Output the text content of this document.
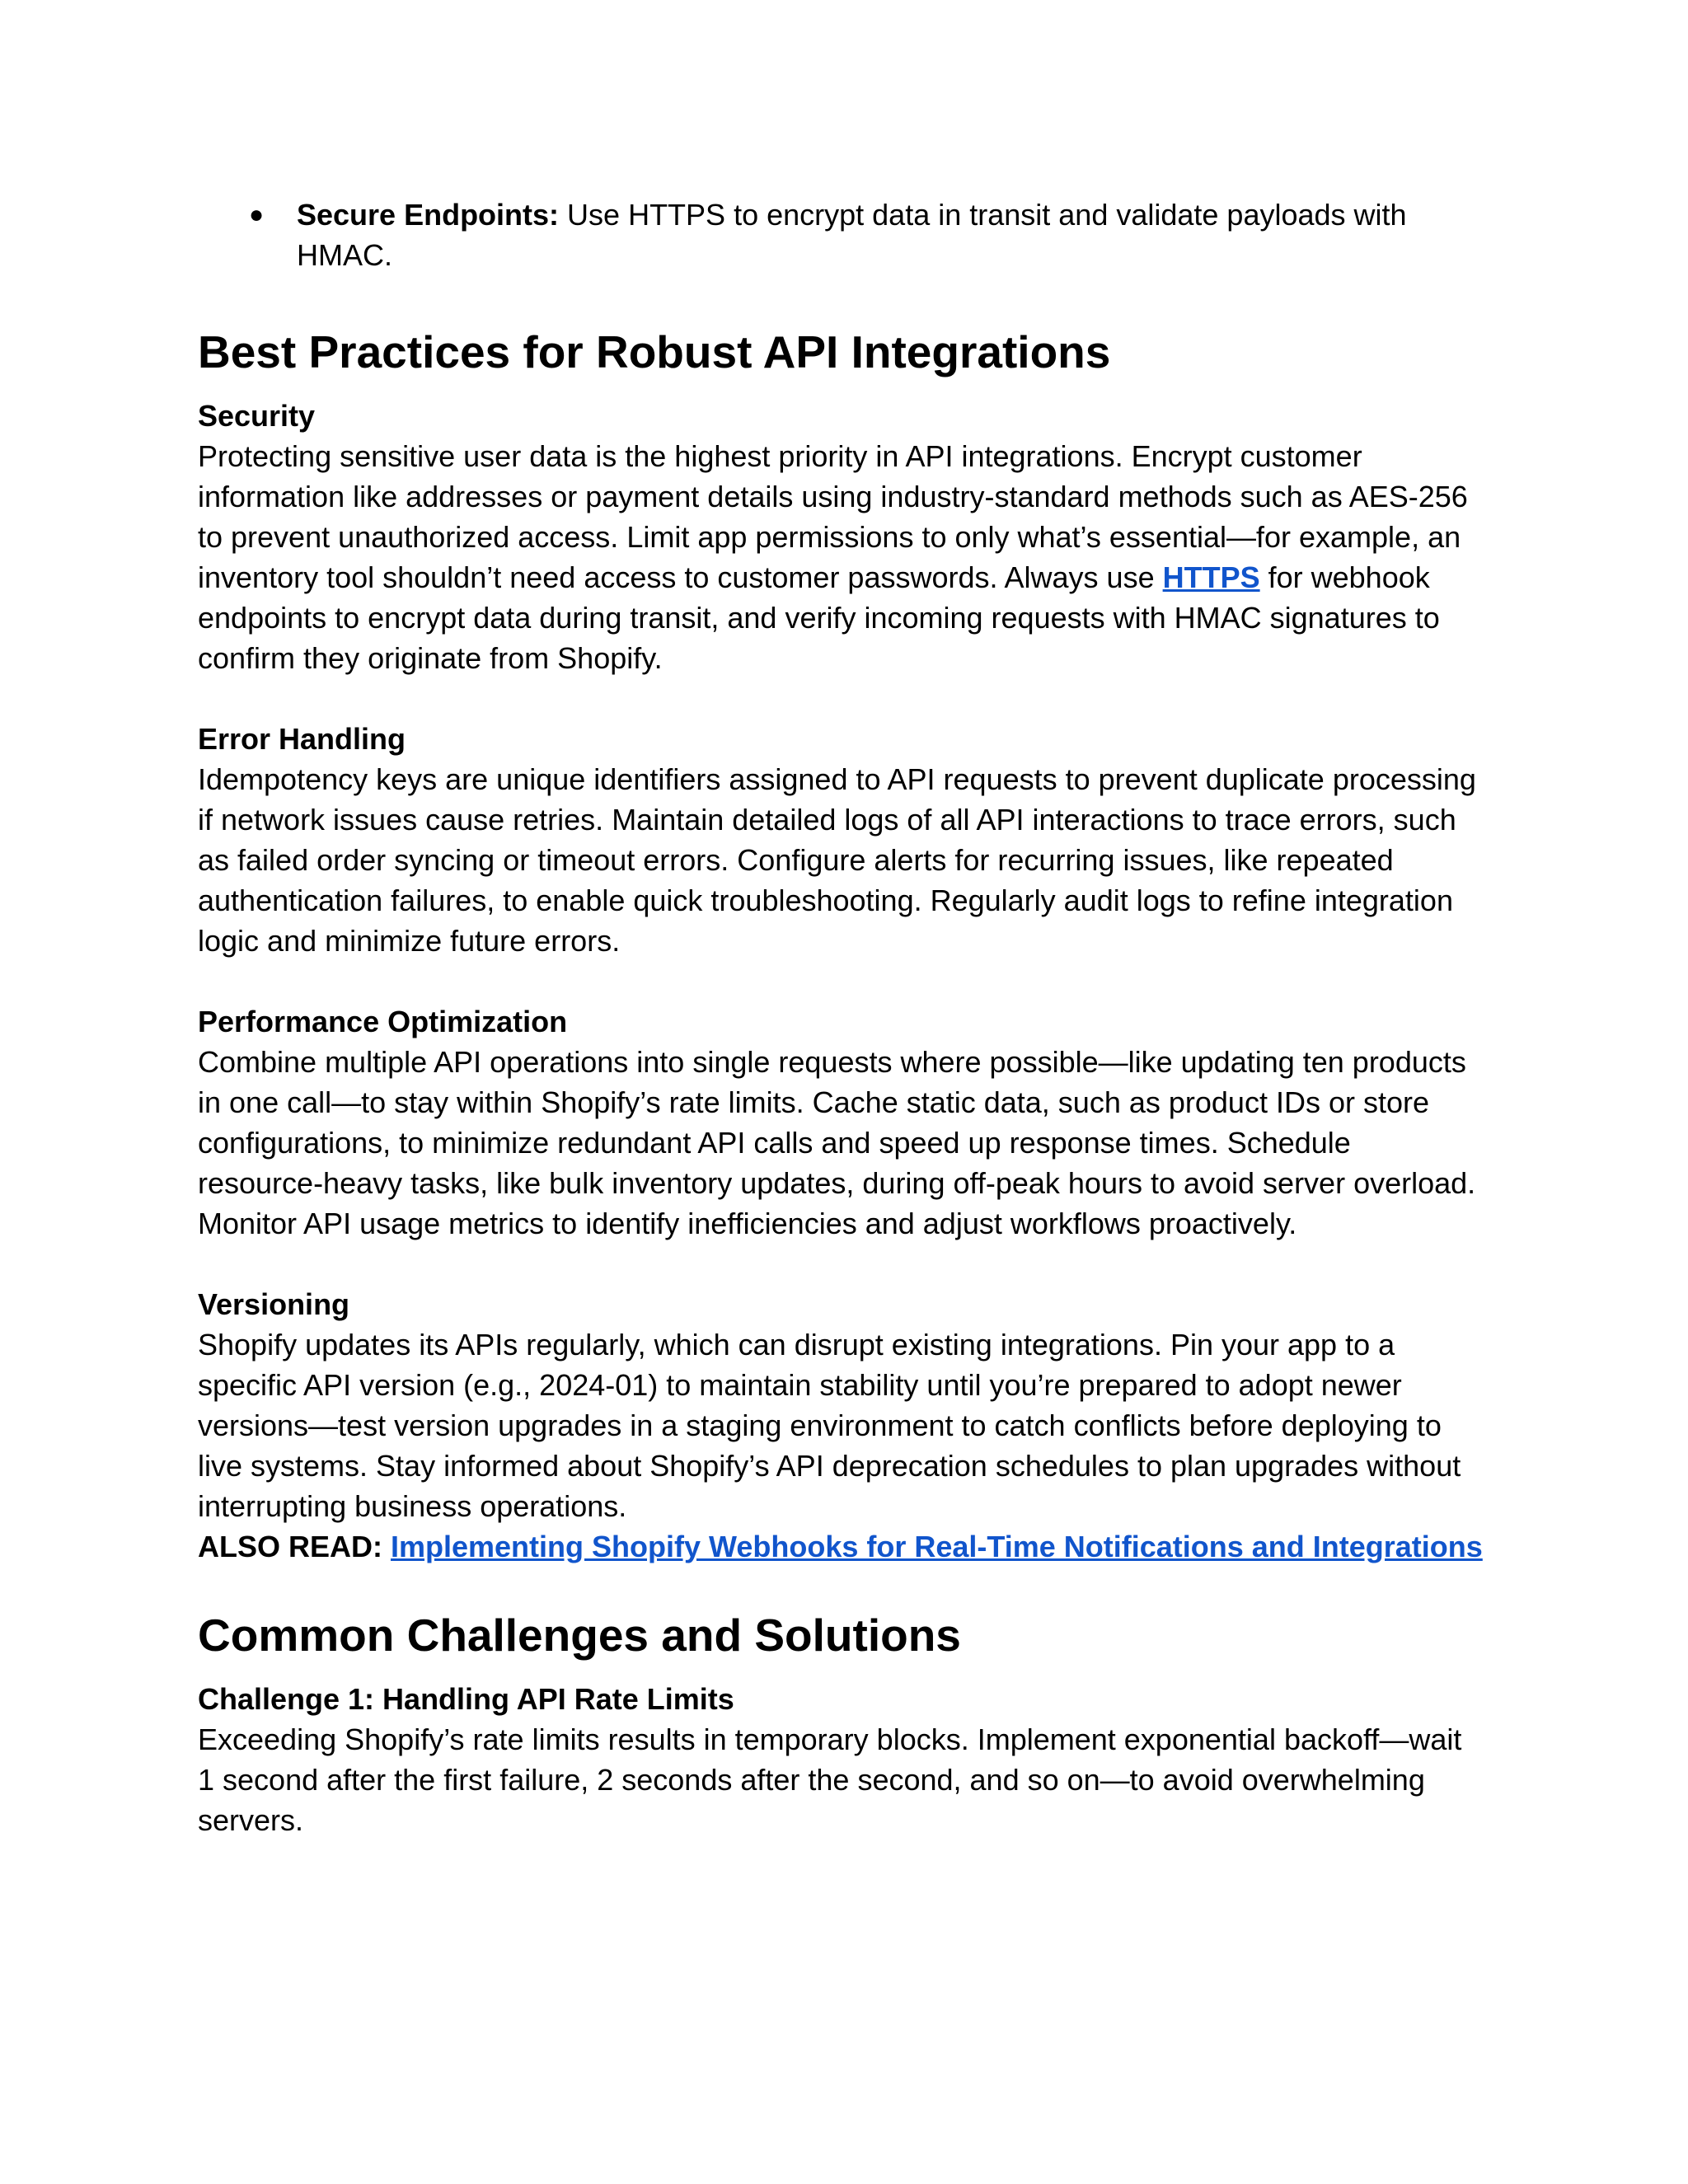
● Secure Endpoints: Use HTTPS to encrypt data in transit and validate payloads with HMAC.
Best Practices for Robust API Integrations
Security

Protecting sensitive user data is the highest priority in API integrations. Encrypt customer information like addresses or payment details using industry-standard methods such as AES-256 to prevent unauthorized access. Limit app permissions to only what’s essential—for example, an inventory tool shouldn’t need access to customer passwords. Always use HTTPS for webhook endpoints to encrypt data during transit, and verify incoming requests with HMAC signatures to confirm they originate from Shopify.

Error Handling

Idempotency keys are unique identifiers assigned to API requests to prevent duplicate processing if network issues cause retries. Maintain detailed logs of all API interactions to trace errors, such as failed order syncing or timeout errors. Configure alerts for recurring issues, like repeated authentication failures, to enable quick troubleshooting. Regularly audit logs to refine integration logic and minimize future errors.

Performance Optimization

Combine multiple API operations into single requests where possible—like updating ten products in one call—to stay within Shopify’s rate limits. Cache static data, such as product IDs or store configurations, to minimize redundant API calls and speed up response times. Schedule resource-heavy tasks, like bulk inventory updates, during off-peak hours to avoid server overload. Monitor API usage metrics to identify inefficiencies and adjust workflows proactively.

Versioning

Shopify updates its APIs regularly, which can disrupt existing integrations. Pin your app to a specific API version (e.g., 2024-01) to maintain stability until you’re prepared to adopt newer versions—test version upgrades in a staging environment to catch conflicts before deploying to live systems. Stay informed about Shopify’s API deprecation schedules to plan upgrades without interrupting business operations.

ALSO READ: Implementing Shopify Webhooks for Real-Time Notifications and Integrations

Common Challenges and Solutions
Challenge 1: Handling API Rate Limits

Exceeding Shopify’s rate limits results in temporary blocks. Implement exponential backoff—wait 1 second after the first failure, 2 seconds after the second, and so on—to avoid overwhelming servers.
